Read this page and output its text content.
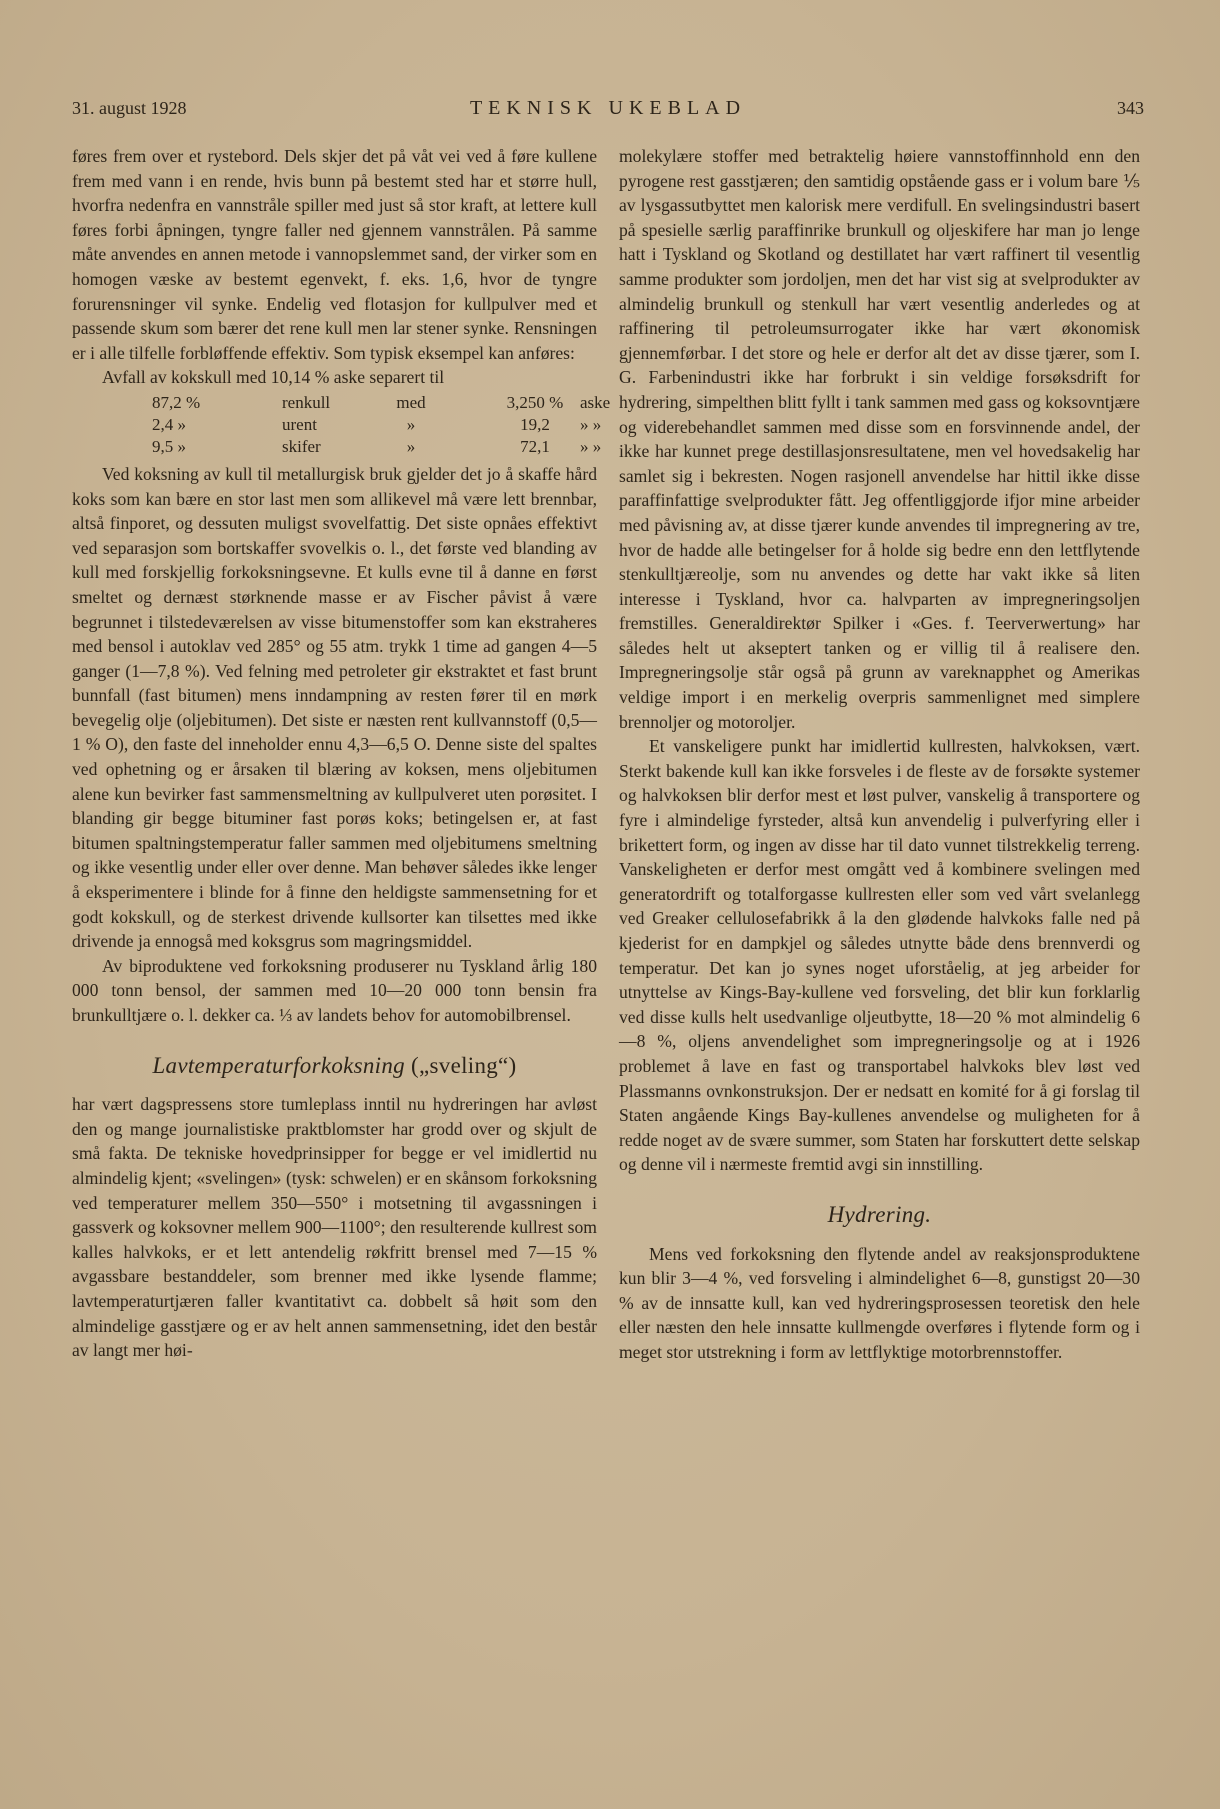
31. august 1928	TEKNISK UKEBLAD	343

føres frem over et rystebord. Dels skjer det på våt vei ved å føre kullene frem med vann i en rende, hvis bunn på bestemt sted har et større hull, hvorfra nedenfra en vannstråle spiller med just så stor kraft, at lettere kull føres forbi åpningen, tyngre faller ned gjennem vannstrålen. På samme måte anvendes en annen metode i vannopslemmet sand, der virker som en homogen væske av bestemt egenvekt, f. eks. 1,6, hvor de tyngre forurensninger vil synke. Endelig ved flotasjon for kullpulver med et passende skum som bærer det rene kull men lar stener synke. Rensningen er i alle tilfelle forbløffende effektiv. Som typisk eksempel kan anføres:

Avfall av kokskull med 10,14 % aske separert til

87,2 %	renkull	med	3,250 % aske
2,4 »	urent	»	19,2	» »
9,5 »	skifer	»	72,1	» »

Ved koksning av kull til metallurgisk bruk gjelder det jo å skaffe hård koks som kan bære en stor last men som allikevel må være lett brennbar, altså finporet, og dessuten muligst svovelfattig. Det siste opnåes effektivt ved separasjon som bortskaffer svovelkis o. l., det første ved blanding av kull med forskjellig forkoksningsevne. Et kulls evne til å danne en først smeltet og dernæst størknende masse er av Fischer påvist å være begrunnet i tilstedeværelsen av visse bitumenstoffer som kan ekstraheres med bensol i autoklav ved 285° og 55 atm. trykk 1 time ad gangen 4—5 ganger (1—7,8 %). Ved felning med petroleter gir ekstraktet et fast brunt bunnfall (fast bitumen) mens inndampning av resten fører til en mørk bevegelig olje (oljebitumen). Det siste er næsten rent kullvannstoff (0,5—1 % O), den faste del inneholder ennu 4,3—6,5 O. Denne siste del spaltes ved ophetning og er årsaken til blæring av koksen, mens oljebitumen alene kun bevirker fast sammensmeltning av kullpulveret uten porøsitet. I blanding gir begge bituminer fast porøs koks; betingelsen er, at fast bitumen spaltningstemperatur faller sammen med oljebitumens smeltning og ikke vesentlig under eller over denne. Man behøver således ikke lenger å eksperimentere i blinde for å finne den heldigste sammensetning for et godt kokskull, og de sterkest drivende kullsorter kan tilsettes med ikke drivende ja ennogså med koksgrus som magringsmiddel.

Av biproduktene ved forkoksning produserer nu Tyskland årlig 180 000 tonn bensol, der sammen med 10—20 000 tonn bensin fra brunkulltjære o. l. dekker ca. ⅓ av landets behov for automobilbrensel.

Lavtemperaturforkoksning („sveling“)

har vært dagspressens store tumleplass inntil nu hydreringen har avløst den og mange journalistiske praktblomster har grodd over og skjult de små fakta. De tekniske hovedprinsipper for begge er vel imidlertid nu almindelig kjent; «svelingen» (tysk: schwelen) er en skånsom forkoksning ved temperaturer mellem 350—550° i motsetning til avgassningen i gassverk og koksovner mellem 900—1100°; den resulterende kullrest som kalles halvkoks, er et lett antendelig røkfritt brensel med 7—15 % avgassbare bestanddeler, som brenner med ikke lysende flamme; lavtemperaturtjæren faller kvantitativt ca. dobbelt så høit som den almindelige gasstjære og er av helt annen sammensetning, idet den består av langt mer høi-

molekylære stoffer med betraktelig høiere vannstoffinnhold enn den pyrogene rest gasstjæren; den samtidig opstående gass er i volum bare ⅕ av lysgassutbyttet men kalorisk mere verdifull. En svelingsindustri basert på spesielle særlig paraffinrike brunkull og oljeskifere har man jo lenge hatt i Tyskland og Skotland og destillatet har vært raffinert til vesentlig samme produkter som jordoljen, men det har vist sig at svelprodukter av almindelig brunkull og stenkull har vært vesentlig anderledes og at raffinering til petroleumsurrogater ikke har vært økonomisk gjennemførbar. I det store og hele er derfor alt det av disse tjærer, som I. G. Farbenindustri ikke har forbrukt i sin veldige forsøksdrift for hydrering, simpelthen blitt fyllt i tank sammen med gass og koksovntjære og viderebehandlet sammen med disse som en forsvinnende andel, der ikke har kunnet prege destillasjonsresultatene, men vel hovedsakelig har samlet sig i bekresten. Nogen rasjonell anvendelse har hittil ikke disse paraffinfattige svelprodukter fått. Jeg offentliggjorde ifjor mine arbeider med påvisning av, at disse tjærer kunde anvendes til impregnering av tre, hvor de hadde alle betingelser for å holde sig bedre enn den lettflytende stenkulltjæreolje, som nu anvendes og dette har vakt ikke så liten interesse i Tyskland, hvor ca. halvparten av impregneringsoljen fremstilles. Generaldirektør Spilker i «Ges. f. Teerverwertung» har således helt ut akseptert tanken og er villig til å realisere den. Impregneringsolje står også på grunn av vareknapphet og Amerikas veldige import i en merkelig overpris sammenlignet med simplere brennoljer og motoroljer.

Et vanskeligere punkt har imidlertid kullresten, halvkoksen, vært. Sterkt bakende kull kan ikke forsveles i de fleste av de forsøkte systemer og halvkoksen blir derfor mest et løst pulver, vanskelig å transportere og fyre i almindelige fyrsteder, altså kun anvendelig i pulverfyring eller i brikettert form, og ingen av disse har til dato vunnet tilstrekkelig terreng. Vanskeligheten er derfor mest omgått ved å kombinere svelingen med generatordrift og totalforgasse kullresten eller som ved vårt svelanlegg ved Greaker cellulosefabrikk å la den glødende halvkoks falle ned på kjederist for en dampkjel og således utnytte både dens brennverdi og temperatur. Det kan jo synes noget uforståelig, at jeg arbeider for utnyttelse av Kings-Bay-kullene ved forsveling, det blir kun forklarlig ved disse kulls helt usedvanlige oljeutbytte, 18—20 % mot almindelig 6—8 %, oljens anvendelighet som impregneringsolje og at i 1926 problemet å lave en fast og transportabel halvkoks blev løst ved Plassmanns ovnkonstruksjon. Der er nedsatt en komité for å gi forslag til Staten angående Kings Bay-kullenes anvendelse og muligheten for å redde noget av de svære summer, som Staten har forskuttert dette selskap og denne vil i nærmeste fremtid avgi sin innstilling.

Hydrering.

Mens ved forkoksning den flytende andel av reaksjonsproduktene kun blir 3—4 %, ved forsveling i almindelighet 6—8, gunstigst 20—30 % av de innsatte kull, kan ved hydreringsprosessen teoretisk den hele eller næsten den hele innsatte kullmengde overføres i flytende form og i meget stor utstrekning i form av lettflyktige motorbrennstoffer.
